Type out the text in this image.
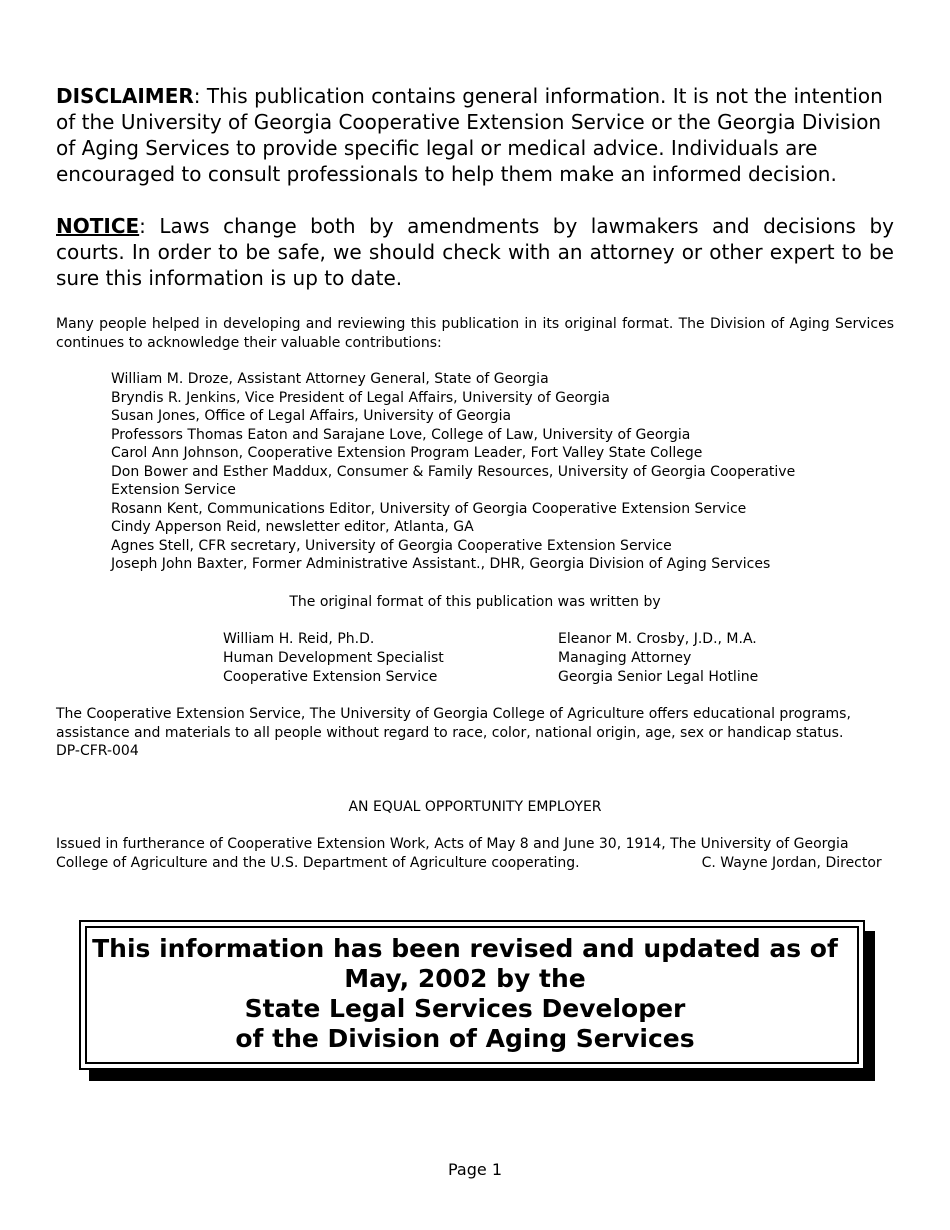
DISCLAIMER: This publication contains general information. It is not the intention of the University of Georgia Cooperative Extension Service or the Georgia Division of Aging Services to provide specific legal or medical advice. Individuals are encouraged to consult professionals to help them make an informed decision.

NOTICE: Laws change both by amendments by lawmakers and decisions by courts. In order to be safe, we should check with an attorney or other expert to be sure this information is up to date.

Many people helped in developing and reviewing this publication in its original format. The Division of Aging Services continues to acknowledge their valuable contributions:

William M. Droze, Assistant Attorney General, State of Georgia
Bryndis R. Jenkins, Vice President of Legal Affairs, University of Georgia
Susan Jones, Office of Legal Affairs, University of Georgia
Professors Thomas Eaton and Sarajane Love, College of Law, University of Georgia
Carol Ann Johnson, Cooperative Extension Program Leader, Fort Valley State College
Don Bower and Esther Maddux, Consumer & Family Resources, University of Georgia Cooperative Extension Service
Rosann Kent, Communications Editor, University of Georgia Cooperative Extension Service
Cindy Apperson Reid, newsletter editor, Atlanta, GA
Agnes Stell, CFR secretary, University of Georgia Cooperative Extension Service
Joseph John Baxter, Former Administrative Assistant., DHR, Georgia Division of Aging Services

The original format of this publication was written by

William H. Reid, Ph.D.
Human Development Specialist
Cooperative Extension Service
Eleanor M. Crosby, J.D., M.A.
Managing Attorney
Georgia Senior Legal Hotline
The Cooperative Extension Service, The University of Georgia College of Agriculture offers educational programs, assistance and materials to all people without regard to race, color, national origin, age, sex or handicap status.
DP-CFR-004

AN EQUAL OPPORTUNITY EMPLOYER

Issued in furtherance of Cooperative Extension Work, Acts of May 8 and June 30, 1914, The University of Georgia College of Agriculture and the U.S. Department of Agriculture cooperating.	C. Wayne Jordan, Director

This information has been revised and updated as of
May, 2002 by the
State Legal Services Developer
of the Division of Aging Services
Page 1
